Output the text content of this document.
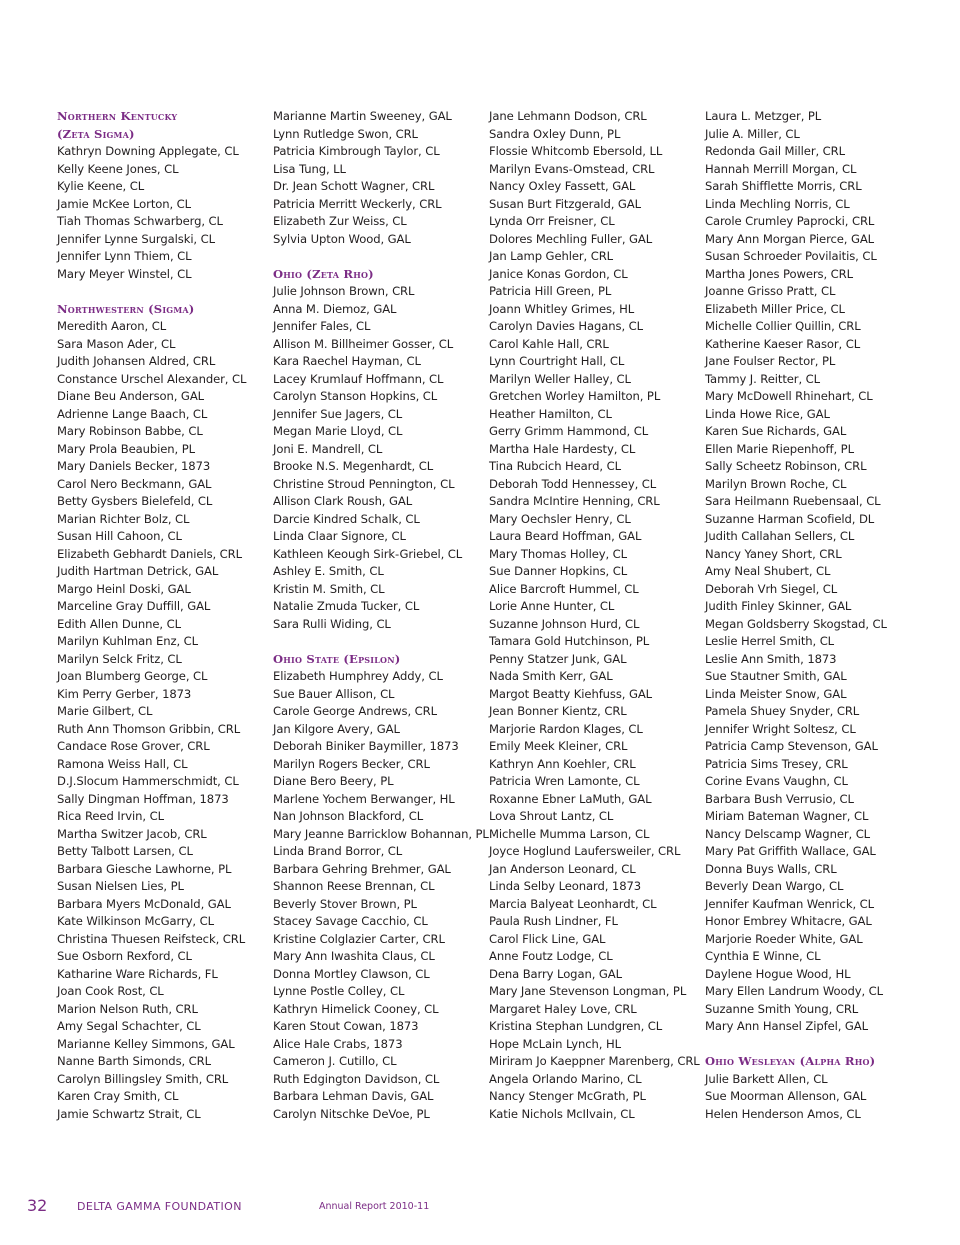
Northern Kentucky
(Zeta Sigma)
Kathryn Downing Applegate, CL
Kelly Keene Jones, CL
Kylie Keene, CL
Jamie McKee Lorton, CL
Tiah Thomas Schwarberg, CL
Jennifer Lynne Surgalski, CL
Jennifer Lynn Thiem, CL
Mary Meyer Winstel, CL
Northwestern (Sigma)
Meredith Aaron, CL
Sara Mason Ader, CL
Judith Johansen Aldred, CRL
Constance Urschel Alexander, CL
Diane Beu Anderson, GAL
Adrienne Lange Baach, CL
Mary Robinson Babbe, CL
Mary Prola Beaubien, PL
Mary Daniels Becker, 1873
Carol Nero Beckmann, GAL
Betty Gysbers Bielefeld, CL
Marian Richter Bolz, CL
Susan Hill Cahoon, CL
Elizabeth Gebhardt Daniels, CRL
Judith Hartman Detrick, GAL
Margo Heinl Doski, GAL
Marceline Gray Duffill, GAL
Edith Allen Dunne, CL
Marilyn Kuhlman Enz, CL
Marilyn Selck Fritz, CL
Joan Blumberg George, CL
Kim Perry Gerber, 1873
Marie Gilbert, CL
Ruth Ann Thomson Gribbin, CRL
Candace Rose Grover, CRL
Ramona Weiss Hall, CL
D.J.Slocum Hammerschmidt, CL
Sally Dingman Hoffman, 1873
Rica Reed Irvin, CL
Martha Switzer Jacob, CRL
Betty Talbott Larsen, CL
Barbara Giesche Lawhorne, PL
Susan Nielsen Lies, PL
Barbara Myers McDonald, GAL
Kate Wilkinson McGarry, CL
Christina Thuesen Reifsteck, CRL
Sue Osborn Rexford, CL
Katharine Ware Richards, FL
Joan Cook Rost, CL
Marion Nelson Ruth, CRL
Amy Segal Schachter, CL
Marianne Kelley Simmons, GAL
Nanne Barth Simonds, CRL
Carolyn Billingsley Smith, CRL
Karen Cray Smith, CL
Jamie Schwartz Strait, CL
Marianne Martin Sweeney, GAL
Lynn Rutledge Swon, CRL
Patricia Kimbrough Taylor, CL
Lisa Tung, LL
Dr. Jean Schott Wagner, CRL
Patricia Merritt Weckerly, CRL
Elizabeth Zur Weiss, CL
Sylvia Upton Wood, GAL
Ohio (Zeta Rho)
Julie Johnson Brown, CRL
Anna M. Diemoz, GAL
Jennifer Fales, CL
Allison M. Billheimer Gosser, CL
Kara Raechel Hayman, CL
Lacey Krumlauf Hoffmann, CL
Carolyn Stanson Hopkins, CL
Jennifer Sue Jagers, CL
Megan Marie Lloyd, CL
Joni E. Mandrell, CL
Brooke N.S. Megenhardt, CL
Christine Stroud Pennington, CL
Allison Clark Roush, GAL
Darcie Kindred Schalk, CL
Linda Claar Signore, CL
Kathleen Keough Sirk-Griebel, CL
Ashley E. Smith, CL
Kristin M. Smith, CL
Natalie Zmuda Tucker, CL
Sara Rulli Widing, CL
Ohio State (Epsilon)
Elizabeth Humphrey Addy, CL
Sue Bauer Allison, CL
Carole George Andrews, CRL
Jan Kilgore Avery, GAL
Deborah Biniker Baymiller, 1873
Marilyn Rogers Becker, CRL
Diane Bero Beery, PL
Marlene Yochem Berwanger, HL
Nan Johnson Blackford, CL
Mary Jeanne Barricklow Bohannan, PL
Linda Brand Borror, CL
Barbara Gehring Brehmer, GAL
Shannon Reese Brennan, CL
Beverly Stover Brown, PL
Stacey Savage Cacchio, CL
Kristine Colglazier Carter, CRL
Mary Ann Iwashita Claus, CL
Donna Mortley Clawson, CL
Lynne Postle Colley, CL
Kathryn Himelick Cooney, CL
Karen Stout Cowan, 1873
Alice Hale Crabs, 1873
Cameron J. Cutillo, CL
Ruth Edgington Davidson, CL
Barbara Lehman Davis, GAL
Carolyn Nitschke DeVoe, PL
Jane Lehmann Dodson, CRL
Sandra Oxley Dunn, PL
Flossie Whitcomb Ebersold, LL
Marilyn Evans-Omstead, CRL
Nancy Oxley Fassett, GAL
Susan Burt Fitzgerald, GAL
Lynda Orr Freisner, CL
Dolores Mechling Fuller, GAL
Jan Lamp Gehler, CRL
Janice Konas Gordon, CL
Patricia Hill Green, PL
Joann Whitley Grimes, HL
Carolyn Davies Hagans, CL
Carol Kahle Hall, CRL
Lynn Courtright Hall, CL
Marilyn Weller Halley, CL
Gretchen Worley Hamilton, PL
Heather Hamilton, CL
Gerry Grimm Hammond, CL
Martha Hale Hardesty, CL
Tina Rubcich Heard, CL
Deborah Todd Hennessey, CL
Sandra McIntire Henning, CRL
Mary Oechsler Henry, CL
Laura Beard Hoffman, GAL
Mary Thomas Holley, CL
Sue Danner Hopkins, CL
Alice Barcroft Hummel, CL
Lorie Anne Hunter, CL
Suzanne Johnson Hurd, CL
Tamara Gold Hutchinson, PL
Penny Statzer Junk, GAL
Nada Smith Kerr, GAL
Margot Beatty Kiehfuss, GAL
Jean Bonner Kientz, CRL
Marjorie Rardon Klages, CL
Emily Meek Kleiner, CRL
Kathryn Ann Koehler, CRL
Patricia Wren Lamonte, CL
Roxanne Ebner LaMuth, GAL
Lova Shrout Lantz, CL
Michelle Mumma Larson, CL
Joyce Hoglund Laufersweiler, CRL
Jan Anderson Leonard, CL
Linda Selby Leonard, 1873
Marcia Balyeat Leonhardt, CL
Paula Rush Lindner, FL
Carol Flick Line, GAL
Anne Foutz Lodge, CL
Dena Barry Logan, GAL
Mary Jane Stevenson Longman, PL
Margaret Haley Love, CRL
Kristina Stephan Lundgren, CL
Hope McLain Lynch, HL
Miriram Jo Kaeppner Marenberg, CRL
Angela Orlando Marino, CL
Nancy Stenger McGrath, PL
Katie Nichols McIlvain, CL
Laura L. Metzger, PL
Julie A. Miller, CL
Redonda Gail Miller, CRL
Hannah Merrill Morgan, CL
Sarah Shifflette Morris, CRL
Linda Mechling Norris, CL
Carole Crumley Paprocki, CRL
Mary Ann Morgan Pierce, GAL
Susan Schroeder Povilaitis, CL
Martha Jones Powers, CRL
Joanne Grisso Pratt, CL
Elizabeth Miller Price, CL
Michelle Collier Quillin, CRL
Katherine Kaeser Rasor, CL
Jane Foulser Rector, PL
Tammy J. Reitter, CL
Mary McDowell Rhinehart, CL
Linda Howe Rice, GAL
Karen Sue Richards, GAL
Ellen Marie Riepenhoff, PL
Sally Scheetz Robinson, CRL
Marilyn Brown Roche, CL
Sara Heilmann Ruebensaal, CL
Suzanne Harman Scofield, DL
Judith Callahan Sellers, CL
Nancy Yaney Short, CRL
Amy Neal Shubert, CL
Deborah Vrh Siegel, CL
Judith Finley Skinner, GAL
Megan Goldsberry Skogstad, CL
Leslie Herrel Smith, CL
Leslie Ann Smith, 1873
Sue Stautner Smith, GAL
Linda Meister Snow, GAL
Pamela Shuey Snyder, CRL
Jennifer Wright Soltesz, CL
Patricia Camp Stevenson, GAL
Patricia Sims Tresey, CRL
Corine Evans Vaughn, CL
Barbara Bush Verrusio, CL
Miriam Bateman Wagner, CL
Nancy Delscamp Wagner, CL
Mary Pat Griffith Wallace, GAL
Donna Buys Walls, CRL
Beverly Dean Wargo, CL
Jennifer Kaufman Wenrick, CL
Honor Embrey Whitacre, GAL
Marjorie Roeder White, GAL
Cynthia E Winne, CL
Daylene Hogue Wood, HL
Mary Ellen Landrum Woody, CL
Suzanne Smith Young, CRL
Mary Ann Hansel Zipfel, GAL
Ohio Wesleyan (Alpha Rho)
Julie Barkett Allen, CL
Sue Moorman Allenson, GAL
Helen Henderson Amos, CL
32	DELTA GAMMA FOUNDATION	Annual Report 2010-11
